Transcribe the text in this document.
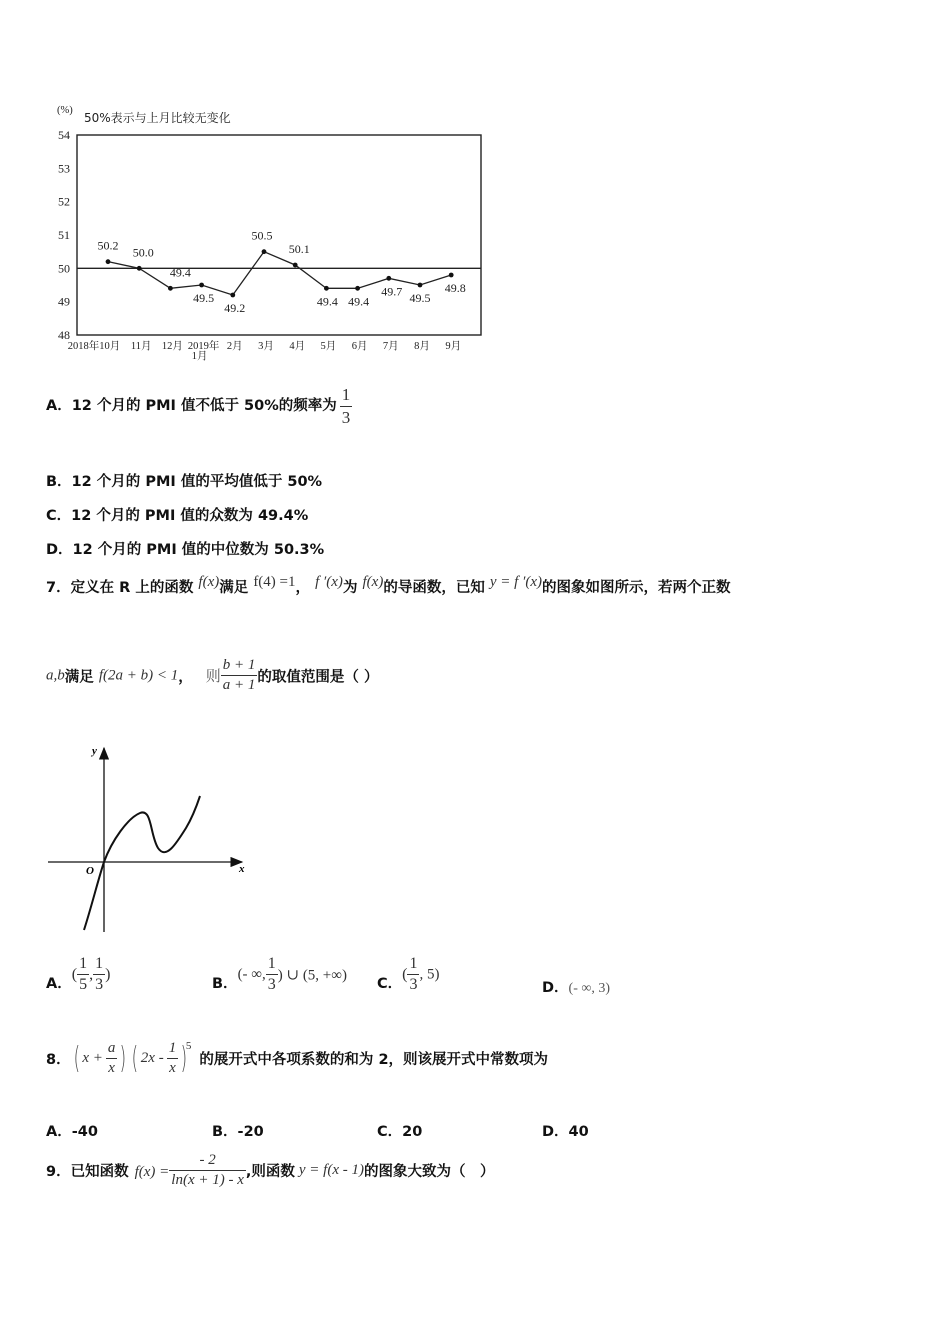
(%)
50%表示与上月比较无变化
54
53
52
51
50
49
48
50.2 50.0
49.4
49.5
49.2
50.5
50.1
49.4 49.4
49.7 49.5
49.8
2018年10月 11月 12月 2019年 1月
2月 3月 4月 5月 6月 7月 8月 9月
A．12 个月的 PMI 值不低于 50%的频率为 $\frac{1}{3}$
B．12 个月的 PMI 值的平均值低于 50%
C．12 个月的 PMI 值的众数为 49.4%
D．12 个月的 PMI 值的中位数为 50.3%
7．定义在 R 上的函数 f(x)满足 f(4) =1， f ′(x)为 f(x)的导函数，已知 y = f ′(x)的图象如图所示，若两个正数
a,b满足 f(2a + b) < 1， 则 $\frac{b + 1}{a + 1}$ 的取值范围是（ ）
y
x
O
A．( $\frac{1}{5}$ , $\frac{1}{3}$ )
B．(- ∞, $\frac{1}{3}$ ) ∪ (5, +∞)
C．( $\frac{1}{3}$ , 5)
D．(- ∞, 3)
8． ( $x + \frac{a}{x}$ ) ( $2x - \frac{1}{x}$ )
5
的展开式中各项系数的和为 2，则该展开式中常数项为
A．-40	B．-20	C．20	D．40
9．已知函数 $f(x) = \frac{- 2}{\ln(x + 1) - x}$ ,则函数 y = f(x - 1) 的图象大致为（　）
